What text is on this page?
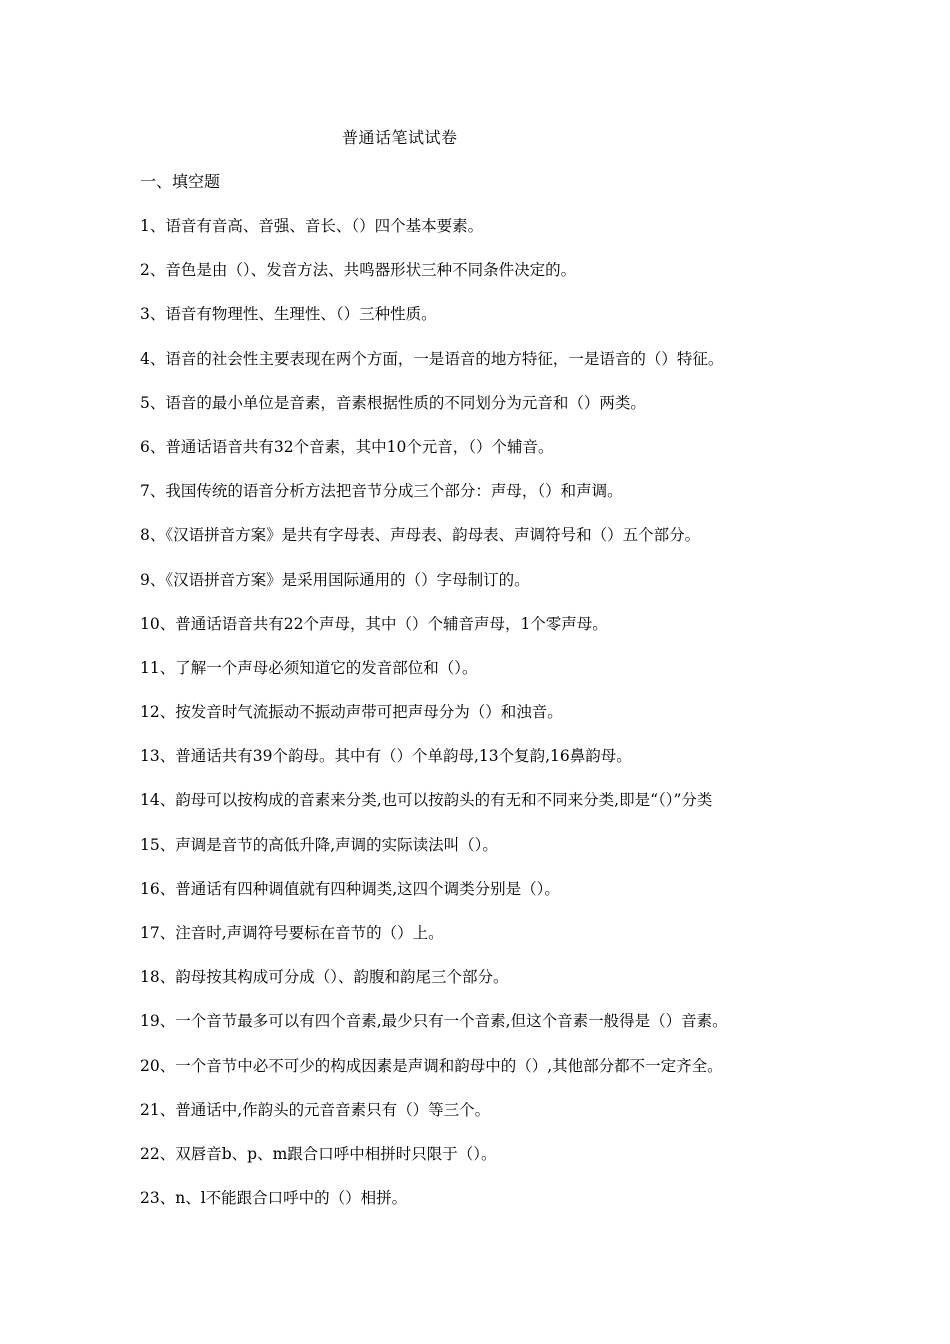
普通话笔试试卷
一、填空题
1、语音有音高、音强、音长、（）四个基本要素。
2、音色是由（）、发音方法、共鸣器形状三种不同条件决定的。
3、语音有物理性、生理性、（）三种性质。
4、语音的社会性主要表现在两个方面，一是语音的地方特征，一是语音的（）特征。
5、语音的最小单位是音素，音素根据性质的不同划分为元音和（）两类。
6、普通话语音共有32个音素，其中10个元音，（）个辅音。
7、我国传统的语音分析方法把音节分成三个部分：声母，（）和声调。
8、《汉语拼音方案》是共有字母表、声母表、韵母表、声调符号和（）五个部分。
9、《汉语拼音方案》是采用国际通用的（）字母制订的。
10、普通话语音共有22个声母，其中（）个辅音声母，1个零声母。
11、了解一个声母必须知道它的发音部位和（）。
12、按发音时气流振动不振动声带可把声母分为（）和浊音。
13、普通话共有39个韵母。其中有（）个单韵母,13个复韵,16鼻韵母。
14、韵母可以按构成的音素来分类,也可以按韵头的有无和不同来分类,即是“（）”分类
15、声调是音节的高低升降,声调的实际读法叫（）。
16、普通话有四种调值就有四种调类,这四个调类分别是（）。
17、注音时,声调符号要标在音节的（）上。
18、韵母按其构成可分成（）、韵腹和韵尾三个部分。
19、一个音节最多可以有四个音素,最少只有一个音素,但这个音素一般得是（）音素。
20、一个音节中必不可少的构成因素是声调和韵母中的（）,其他部分都不一定齐全。
21、普通话中,作韵头的元音音素只有（）等三个。
22、双唇音b、p、m跟合口呼中相拼时只限于（）。
23、n、l不能跟合口呼中的（）相拼。
